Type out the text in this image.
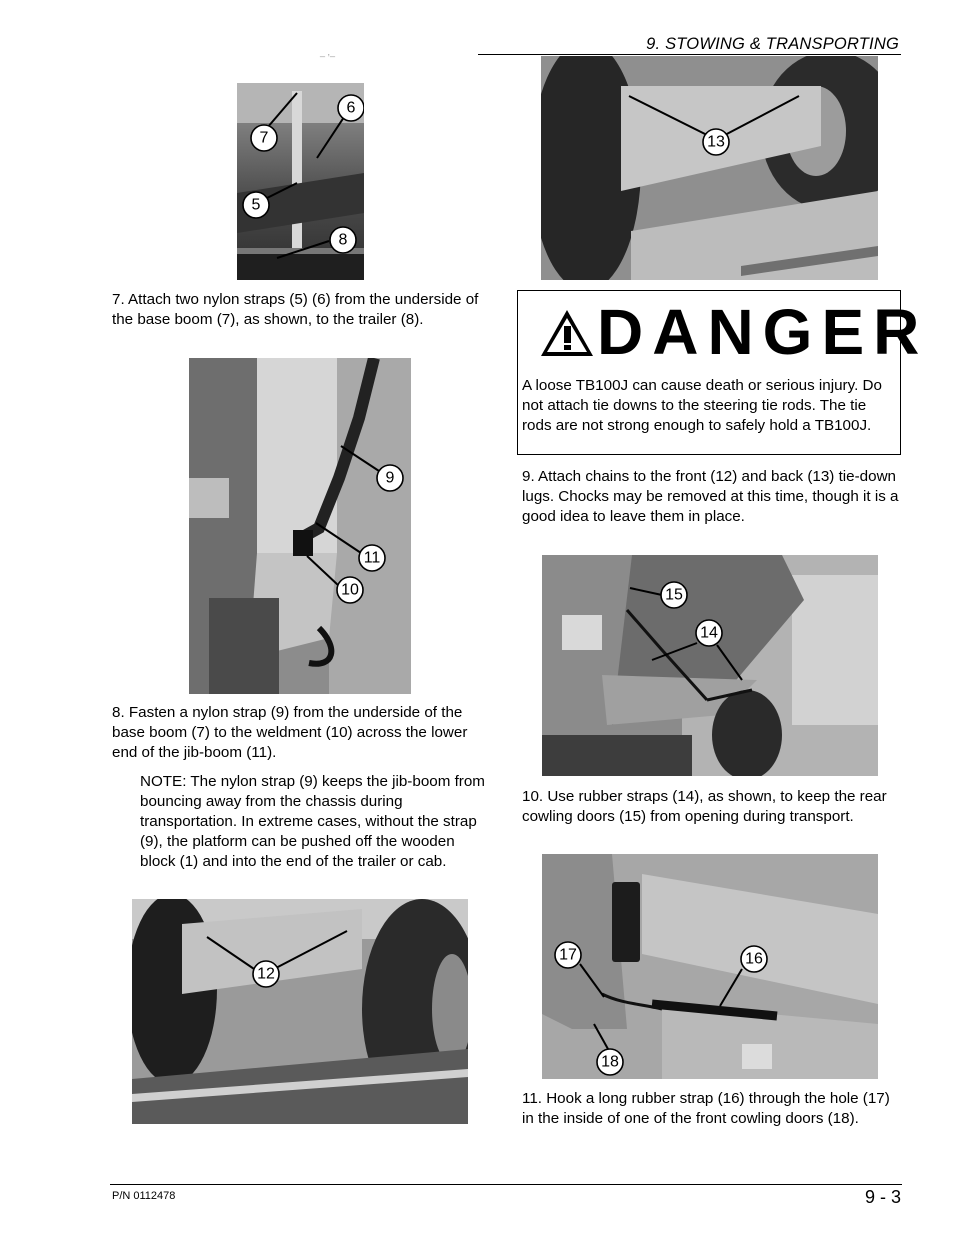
_ ,_	9. STOWING & TRANSPORTING
6
7
5
8
7. Attach two nylon straps (5) (6) from the underside of the base boom (7), as shown, to the trailer (8).
9
11
10
8. Fasten a nylon strap (9) from the underside of the base boom (7) to the weldment (10) across the lower end of the jib-boom (11).
NOTE: The nylon strap (9) keeps the jib-boom from bouncing away from the chassis during transportation. In extreme cases, without the strap (9), the platform can be pushed off the wooden block (1) and into the end of the trailer or cab.
12
13
DANGER
A loose TB100J can cause death or serious injury. Do not attach tie downs to the steering tie rods. The tie rods are not strong enough to safely hold a TB100J.
9. Attach chains to the front (12) and back (13) tie-down lugs. Chocks may be removed at this time, though it is a good idea to leave them in place.
15
14
10. Use rubber straps (14), as shown, to keep the rear cowling doors (15) from opening during transport.
17	16
18
11. Hook a long rubber strap (16) through the hole (17) in the inside of one of the front cowling doors (18).
P/N 0112478	9 - 3
